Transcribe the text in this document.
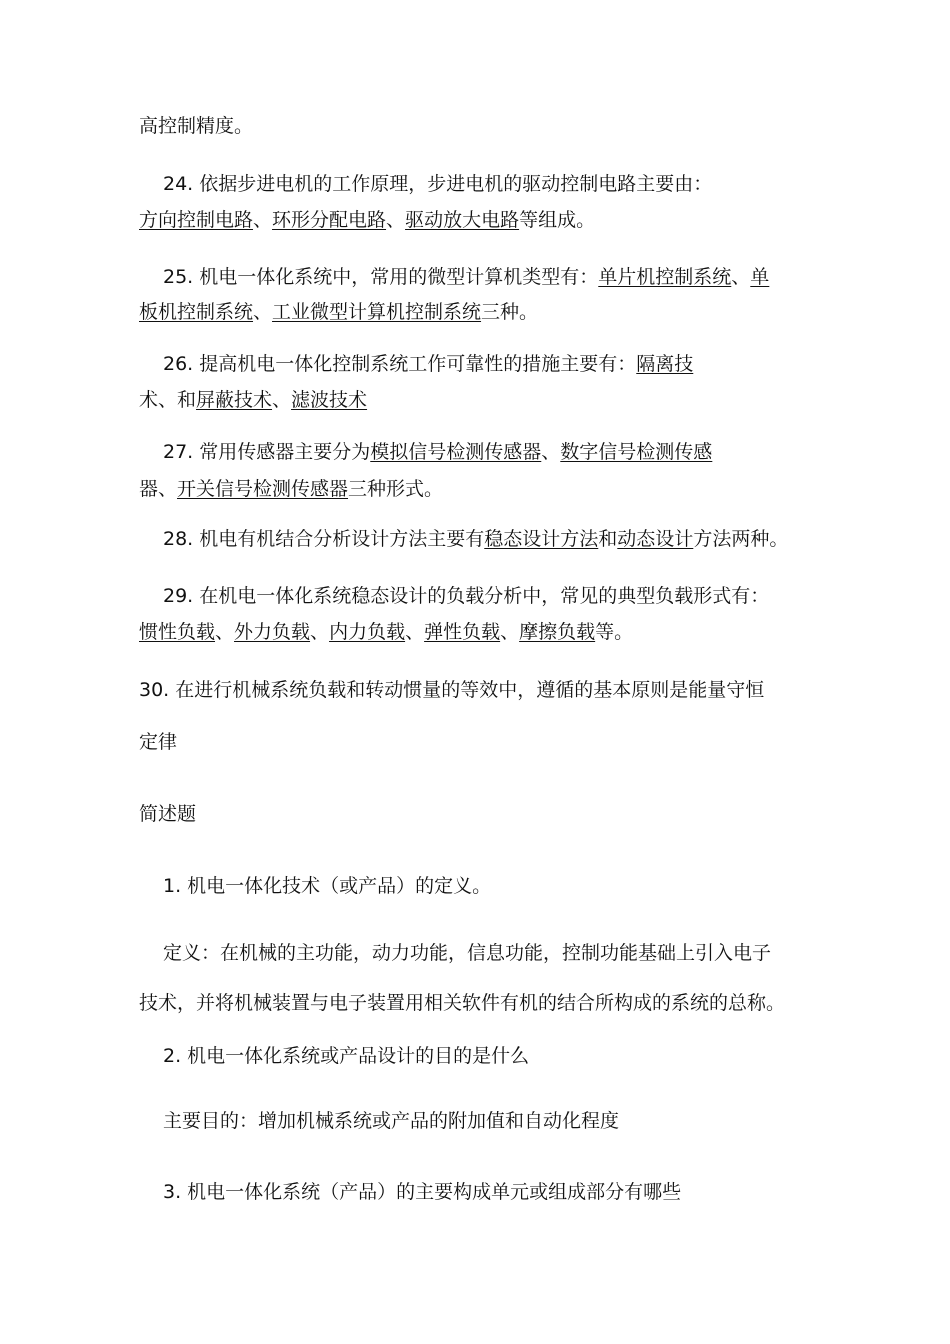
高控制精度。
24. 依据步进电机的工作原理，步进电机的驱动控制电路主要由：
方向控制电路、环形分配电路、驱动放大电路等组成。
25. 机电一体化系统中，常用的微型计算机类型有：单片机控制系统、单
板机控制系统、工业微型计算机控制系统三种。
26. 提高机电一体化控制系统工作可靠性的措施主要有：隔离技
术、和屏蔽技术、滤波技术
27. 常用传感器主要分为模拟信号检测传感器、数字信号检测传感
器、开关信号检测传感器三种形式。
28. 机电有机结合分析设计方法主要有稳态设计方法和动态设计方法两种。
29. 在机电一体化系统稳态设计的负载分析中，常见的典型负载形式有：
惯性负载、外力负载、内力负载、弹性负载、摩擦负载等。
30. 在进行机械系统负载和转动惯量的等效中，遵循的基本原则是能量守恒
定律
简述题
1. 机电一体化技术（或产品）的定义。
定义：在机械的主功能，动力功能，信息功能，控制功能基础上引入电子
技术，并将机械装置与电子装置用相关软件有机的结合所构成的系统的总称。
2. 机电一体化系统或产品设计的目的是什么
主要目的：增加机械系统或产品的附加值和自动化程度
3. 机电一体化系统（产品）的主要构成单元或组成部分有哪些
